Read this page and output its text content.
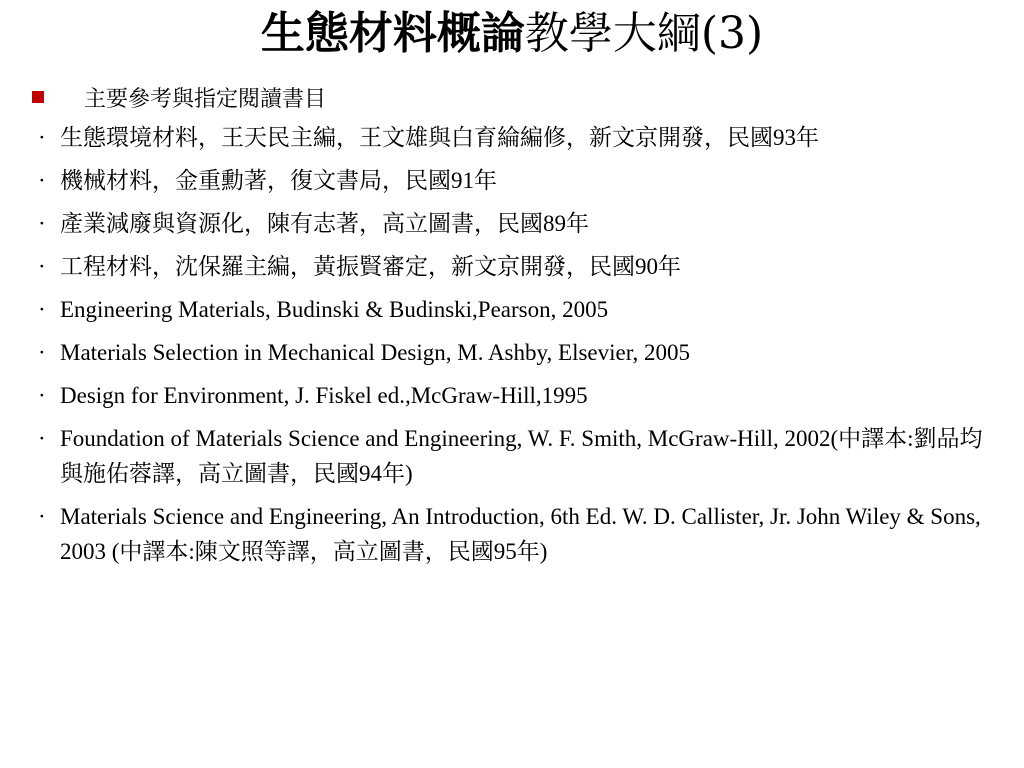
生態材料概論教學大綱(3)
主要參考與指定閱讀書目
· 生態環境材料，王天民主編，王文雄與白育綸編修，新文京開發，民國93年
· 機械材料，金重勳著，復文書局，民國91年
· 產業減廢與資源化，陳有志著，高立圖書，民國89年
· 工程材料，沈保羅主編，黃振賢審定，新文京開發，民國90年
· Engineering Materials, Budinski & Budinski,Pearson, 2005
· Materials Selection in Mechanical Design, M. Ashby, Elsevier, 2005
· Design for Environment, J. Fiskel ed.,McGraw-Hill,1995
· Foundation of Materials Science and Engineering, W. F. Smith, McGraw-Hill, 2002(中譯本:劉品均與施佑蓉譯，高立圖書，民國94年)
· Materials Science and Engineering, An Introduction, 6th Ed. W. D. Callister, Jr. John Wiley & Sons, 2003 (中譯本:陳文照等譯，高立圖書，民國95年)
